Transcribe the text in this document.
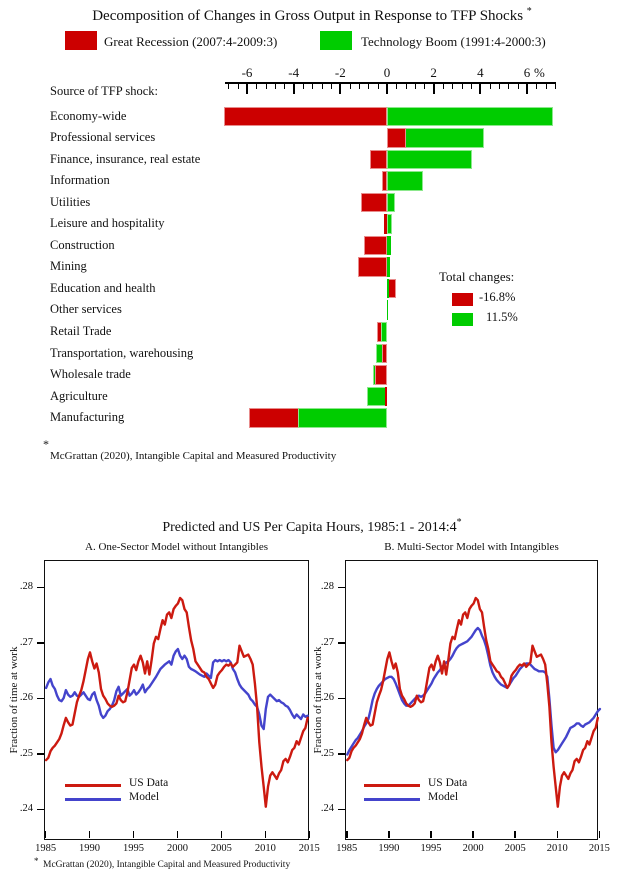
Decomposition of Changes in Gross Output in Response to TFP Shocks *
Great Recession (2007:4-2009:3)	Technology Boom (1991:4-2000:3)
Source of TFP shock:
-6	-4	-2	0	2	4	6 %
Economy-wide
Professional services
Finance, insurance, real estate
Information
Utilities
Leisure and hospitality
Construction
Mining
Education and health
Other services
Retail Trade
Transportation, warehousing
Wholesale trade
Agriculture
Manufacturing
Total changes:
-16.8%
11.5%
*
McGrattan (2020), Intangible Capital and Measured Productivity
Predicted and US Per Capita Hours, 1985:1 - 2014:4*
A. One-Sector Model without Intangibles	B. Multi-Sector Model with Intangibles
Fraction of time at work	Fraction of time at work
.24
.25
.26
.27
.28
1985	1990	1995	2000	2005	2010	2015
.24
.25
.26
.27
.28
1985	1990	1995	2000	2005	2010	2015
US Data
Model
US Data
Model
* McGrattan (2020), Intangible Capital and Measured Productivity
